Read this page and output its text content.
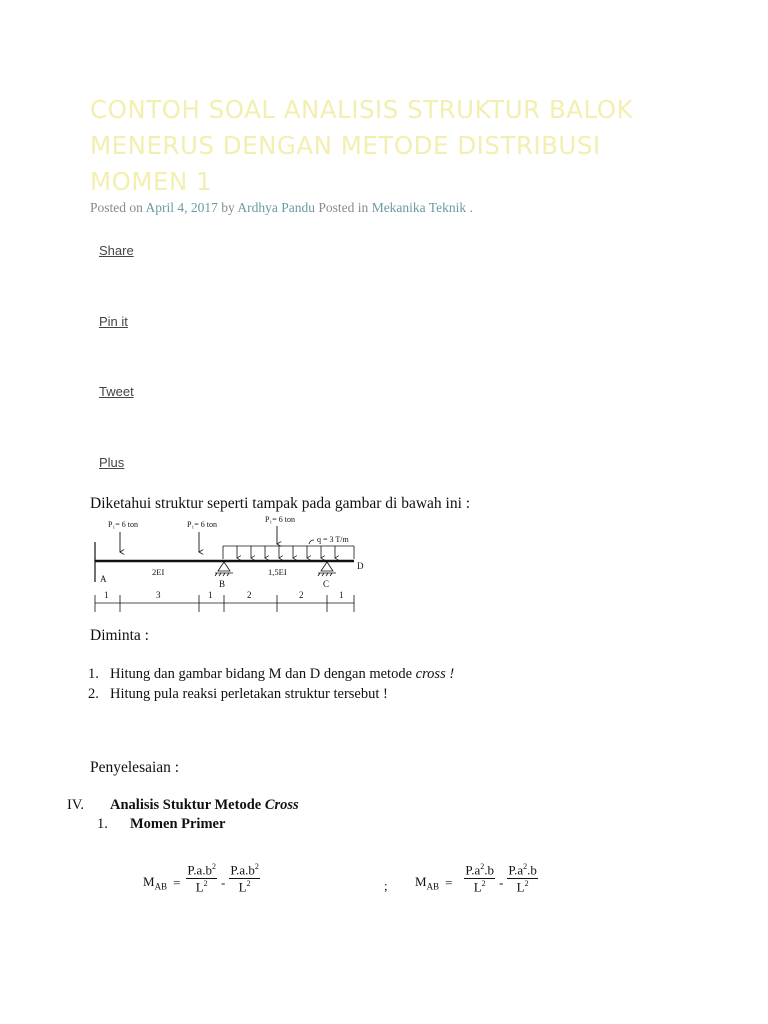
CONTOH SOAL ANALISIS STRUKTUR BALOK MENERUS DENGAN METODE DISTRIBUSI MOMEN 1
Posted on April 4, 2017 by Ardhya Pandu Posted in Mekanika Teknik .
Share
Pin it
Tweet
Plus

Diketahui struktur seperti tampak pada gambar di bawah ini :

q = 3 T/m
P₁= 6 ton	P₁= 6 ton
P₁= 6 ton
2EI	1,5EI
A	B	C
D
1	3	1	2	2	1

Diminta :

1. Hitung dan gambar bidang M dan D dengan metode cross !
2. Hitung pula reaksi perletakan struktur tersebut !

Penyelesaian :

IV. Analisis Stuktur Metode Cross
1. Momen Primer
$M_{AB} = \frac{P.a.b^2}{L^2}$ -
$P.a.b^2$
$L^2$	; $M_{AB} = \frac{P.a^2.b}{L^2}$ -
$P.a^2.b$
$L^2$
